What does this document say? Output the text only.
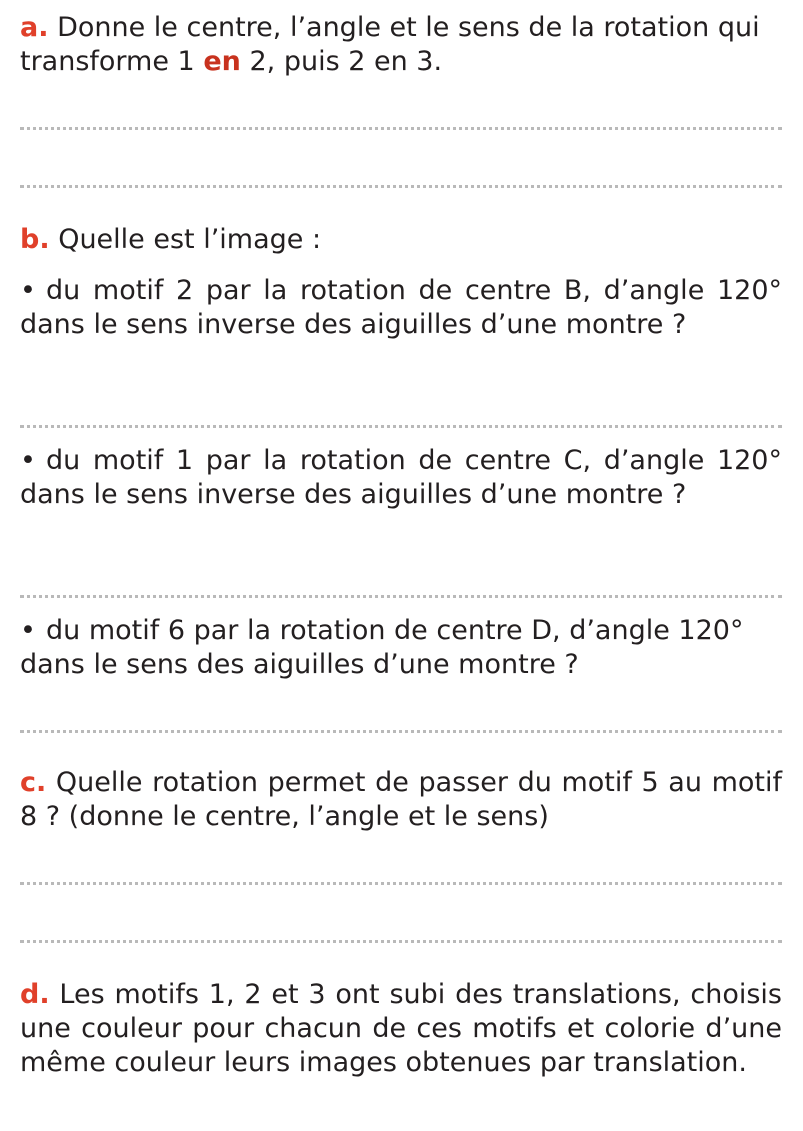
a. Donne le centre, l’angle et le sens de la rotation qui transforme 1 en 2, puis 2 en 3.

b. Quelle est l’image :

• du motif 2 par la rotation de centre B, d’angle 120° dans le sens inverse des aiguilles d’une montre ?

• du motif 1 par la rotation de centre C, d’angle 120° dans le sens inverse des aiguilles d’une montre ?

• du motif 6 par la rotation de centre D, d’angle 120° dans le sens des aiguilles d’une montre ?

c. Quelle rotation permet de passer du motif 5 au motif 8 ? (donne le centre, l’angle et le sens)

d. Les motifs 1, 2 et 3 ont subi des translations, choisis une couleur pour chacun de ces motifs et colorie d’une même couleur leurs images obtenues par translation.
